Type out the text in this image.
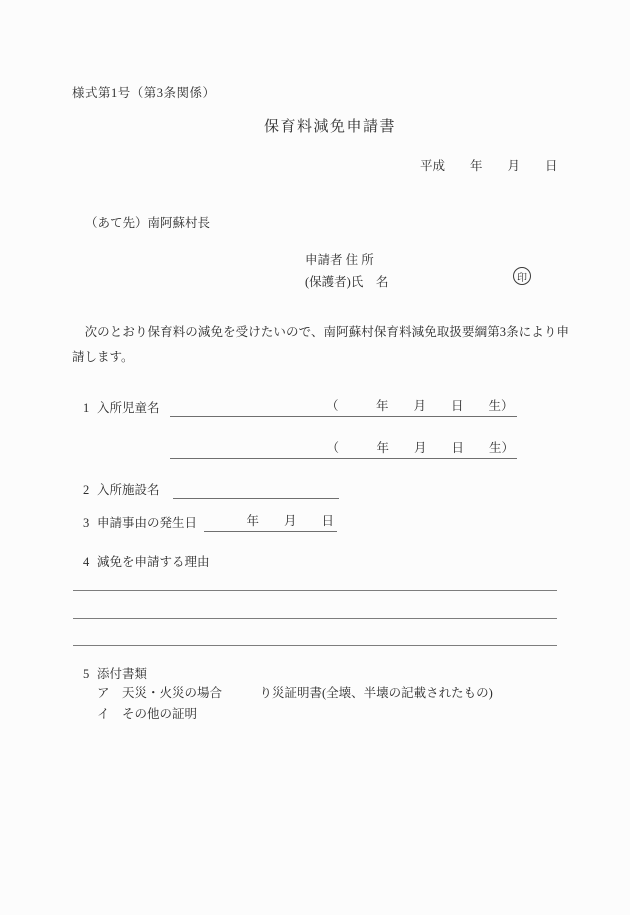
様式第1号（第3条関係）
保育料減免申請書
平成　　年　　月　　日
（あて先）南阿蘇村長
申請者 住 所
(保護者)氏　名	印
　次のとおり保育料の減免を受けたいので、南阿蘇村保育料減免取扱要綱第3条により申請します。
1 入所児童名	（　　　年　　月　　日　　生）
（　　　年　　月　　日　　生）
2 入所施設名
3 申請事由の発生日	　　年　　月　　日
4 減免を申請する理由
5 添付書類
ア 天災・火災の場合　　　り災証明書(全壊、半壊の記載されたもの)
イ その他の証明
